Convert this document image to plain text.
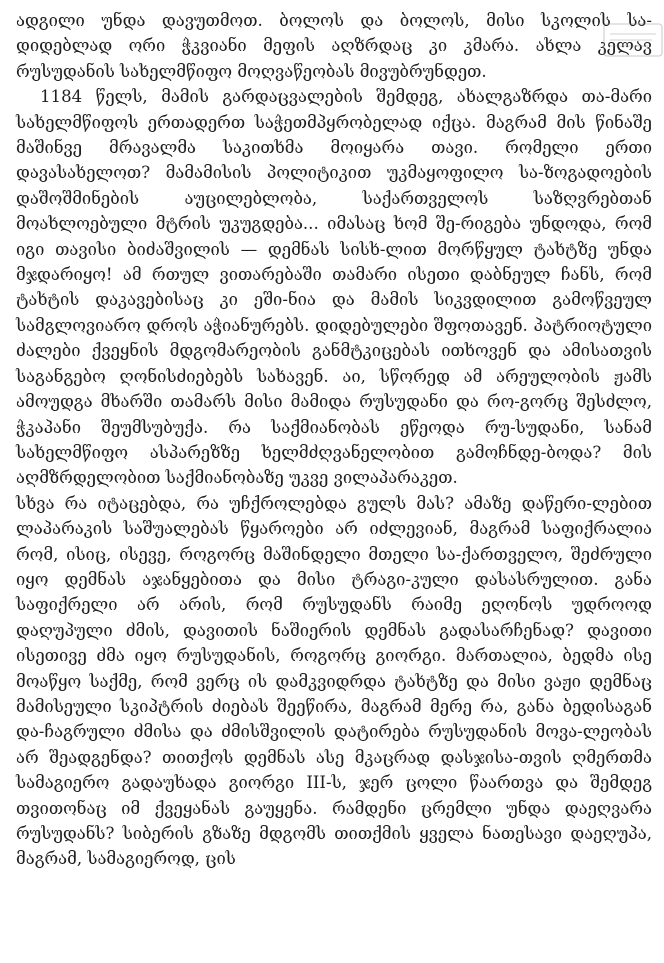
ადგილი უნდა დავუთმოთ. ბოლოს და ბოლოს, მისი სკოლის სა-დიდებლად ორი ჭკვიანი მეფის აღზრდაც კი კმარა. ახლა კელავ რუსუდანის სახელმწიფო მოღვაწეობას მივუბრუნდეთ.

1184 წელს, მამის გარდაცვალების შემდეგ, ახალგაზრდა თა-მარი სახელმწიფოს ერთადერთ საჭეთმპყრობელად იქცა. მაგრამ მის წინაშე მაშინვე მრავალმა საკითხმა მოიყარა თავი. რომელი ერთი დავასახელოთ? მამამისის პოლიტიკით უკმაყოფილო სა-ზოგადოების დაშოშმინების აუცილებლობა, საქართველოს საზღვრებთან მოახლოებული მტრის უკუგდება... იმასაც ხომ შე-რიგება უნდოდა, რომ იგი თავისი ბიძაშვილის — დემნას სისხ-ლით მორწყულ ტახტზე უნდა მჯდარიყო! ამ რთულ ვითარებაში თამარი ისეთი დაბნეულ ჩანს, რომ ტახტის დაკავებისაც კი ეში-ნია და მამის სიკვდილით გამოწვეულ სამგლოვიარო დროს აჭიანურებს. დიდებულები შფოთავენ. პატრიოტული ძალები ქვეყნის მდგომარეობის განმტკიცებას ითხოვენ და ამისათვის საგანგებო ღონისძიებებს სახავენ. აი, სწორედ ამ არეულობის ჟამს ამოუდგა მხარში თამარს მისი მამიდა რუსუდანი და რო-გორც შესძლო, ჭკაპანი შეუმსუბუქა. რა საქმიანობას ეწეოდა რუ-სუდანი, სანამ სახელმწიფო ასპარეზზე ხელმძღვანელობით გამოჩნდე-ბოდა? მის აღმზრდელობით საქმიანობაზე უკვე ვილაპარაკეთ.

სხვა რა იტაცებდა, რა უჩქროლებდა გულს მას? ამაზე დაწერი-ლებით ლაპარაკის საშუალებას წყაროები არ იძლევიან, მაგრამ საფიქრალია რომ, ისიც, ისევე, როგორც მაშინდელი მთელი სა-ქართველო, შეძრული იყო დემნას აჯანყებითა და მისი ტრაგი-კული დასასრულით. განა საფიქრელი არ არის, რომ რუსუდანს რაიმე ეღონოს უდროოდ დაღუპული ძმის, დავითის ნაშიერის დემნას გადასარჩენად? დავითი ისეთივე ძმა იყო რუსუდანის, როგორც გიორგი. მართალია, ბედმა ისე მოაწყო საქმე, რომ ვერც ის დამკვიდრდა ტახტზე და მისი ვაჟი დემნაც მამისეული სკიპტრის ძიებას შეეწირა, მაგრამ მერე რა, განა ბედისაგან და-ჩაგრული ძმისა და ძმისშვილის დატირება რუსუდანის მოვა-ლეობას არ შეადგენდა? თითქოს დემნას ასე მკაცრად დასჯისა-თვის ღმერთმა სამაგიერო გადაუხადა გიორგი III-ს, ჯერ ცოლი წაართვა და შემდეგ თვითონაც იმ ქვეყანას გაუყენა. რამდენი ცრემლი უნდა დაეღვარა რუსუდანს? სიბერის გზაზე მდგომს თითქმის ყველა ნათესავი დაეღუპა, მაგრამ, სამაგიეროდ, ცის
